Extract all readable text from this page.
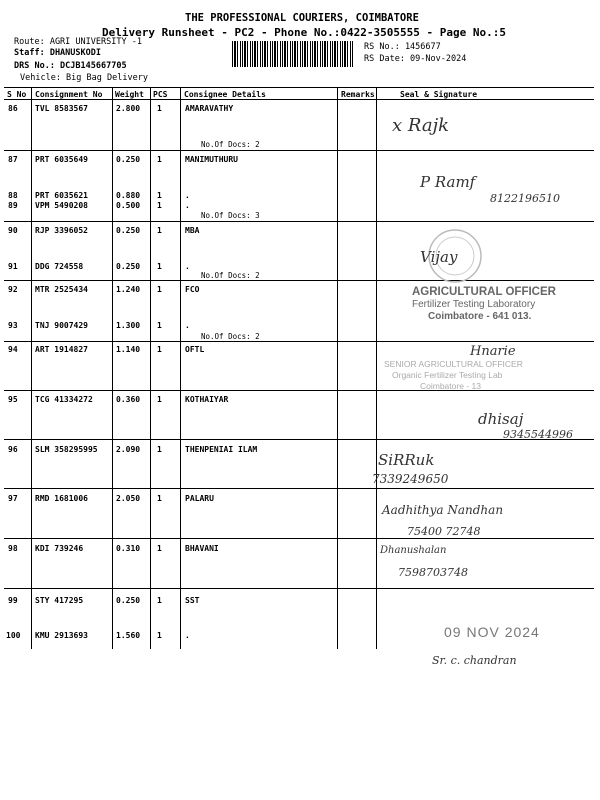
THE PROFESSIONAL COURIERS, COIMBATORE
Delivery Runsheet - PC2 - Phone No.:0422-3505555 - Page No.:5
Route: AGRI UNIVERSITY -1
Staff: DHANUSKODI
DRS No.: DCJB145667705
Vehicle: Big Bag Delivery
RS No.: 1456677
RS Date: 09-Nov-2024
S No Consignment No Weight PCS Consignee Details	Remarks	Seal & Signature
86 TVL 8583567	2.800 1	AMARAVATHY
No.Of Docs: 2
87 PRT 6035649	0.250 1	MANIMUTHURU
88 PRT 6035621	0.880 1	.
89 VPM 5490208	0.500 1	.
No.Of Docs: 3
90 RJP 3396052	0.250 1	MBA
91 DDG 724558	0.250 1	.
No.Of Docs: 2
92 MTR 2525434	1.240 1	FCO
93 TNJ 9007429	1.300 1	.
No.Of Docs: 2
94 ART 1914827	1.140 1	OFTL
95 TCG 41334272	0.360 1	KOTHAIYAR
96 SLM 358295995 2.090 1	THENPENIAI ILAM
97 RMD 1681006	2.050 1	PALARU
98 KDI 739246	0.310 1	BHAVANI
99 STY 417295	0.250 1	SST
100 KMU 2913693	1.560 1	.
AGRICULTURAL OFFICER
Fertilizer Testing Laboratory
Coimbatore - 641 013.
SENIOR AGRICULTURAL OFFICER
Organic Fertilizer Testing Lab
Coimbatore - 13
09 NOV 2024
x Rajk
P Ramf
8122196510
Vijay
Hnarie
dhisaj
9345544996
SiRRuk
7339249650
Aadhithya Nandhan
75400 72748
Dhanushalan
7598703748
Sr. c. chandran
